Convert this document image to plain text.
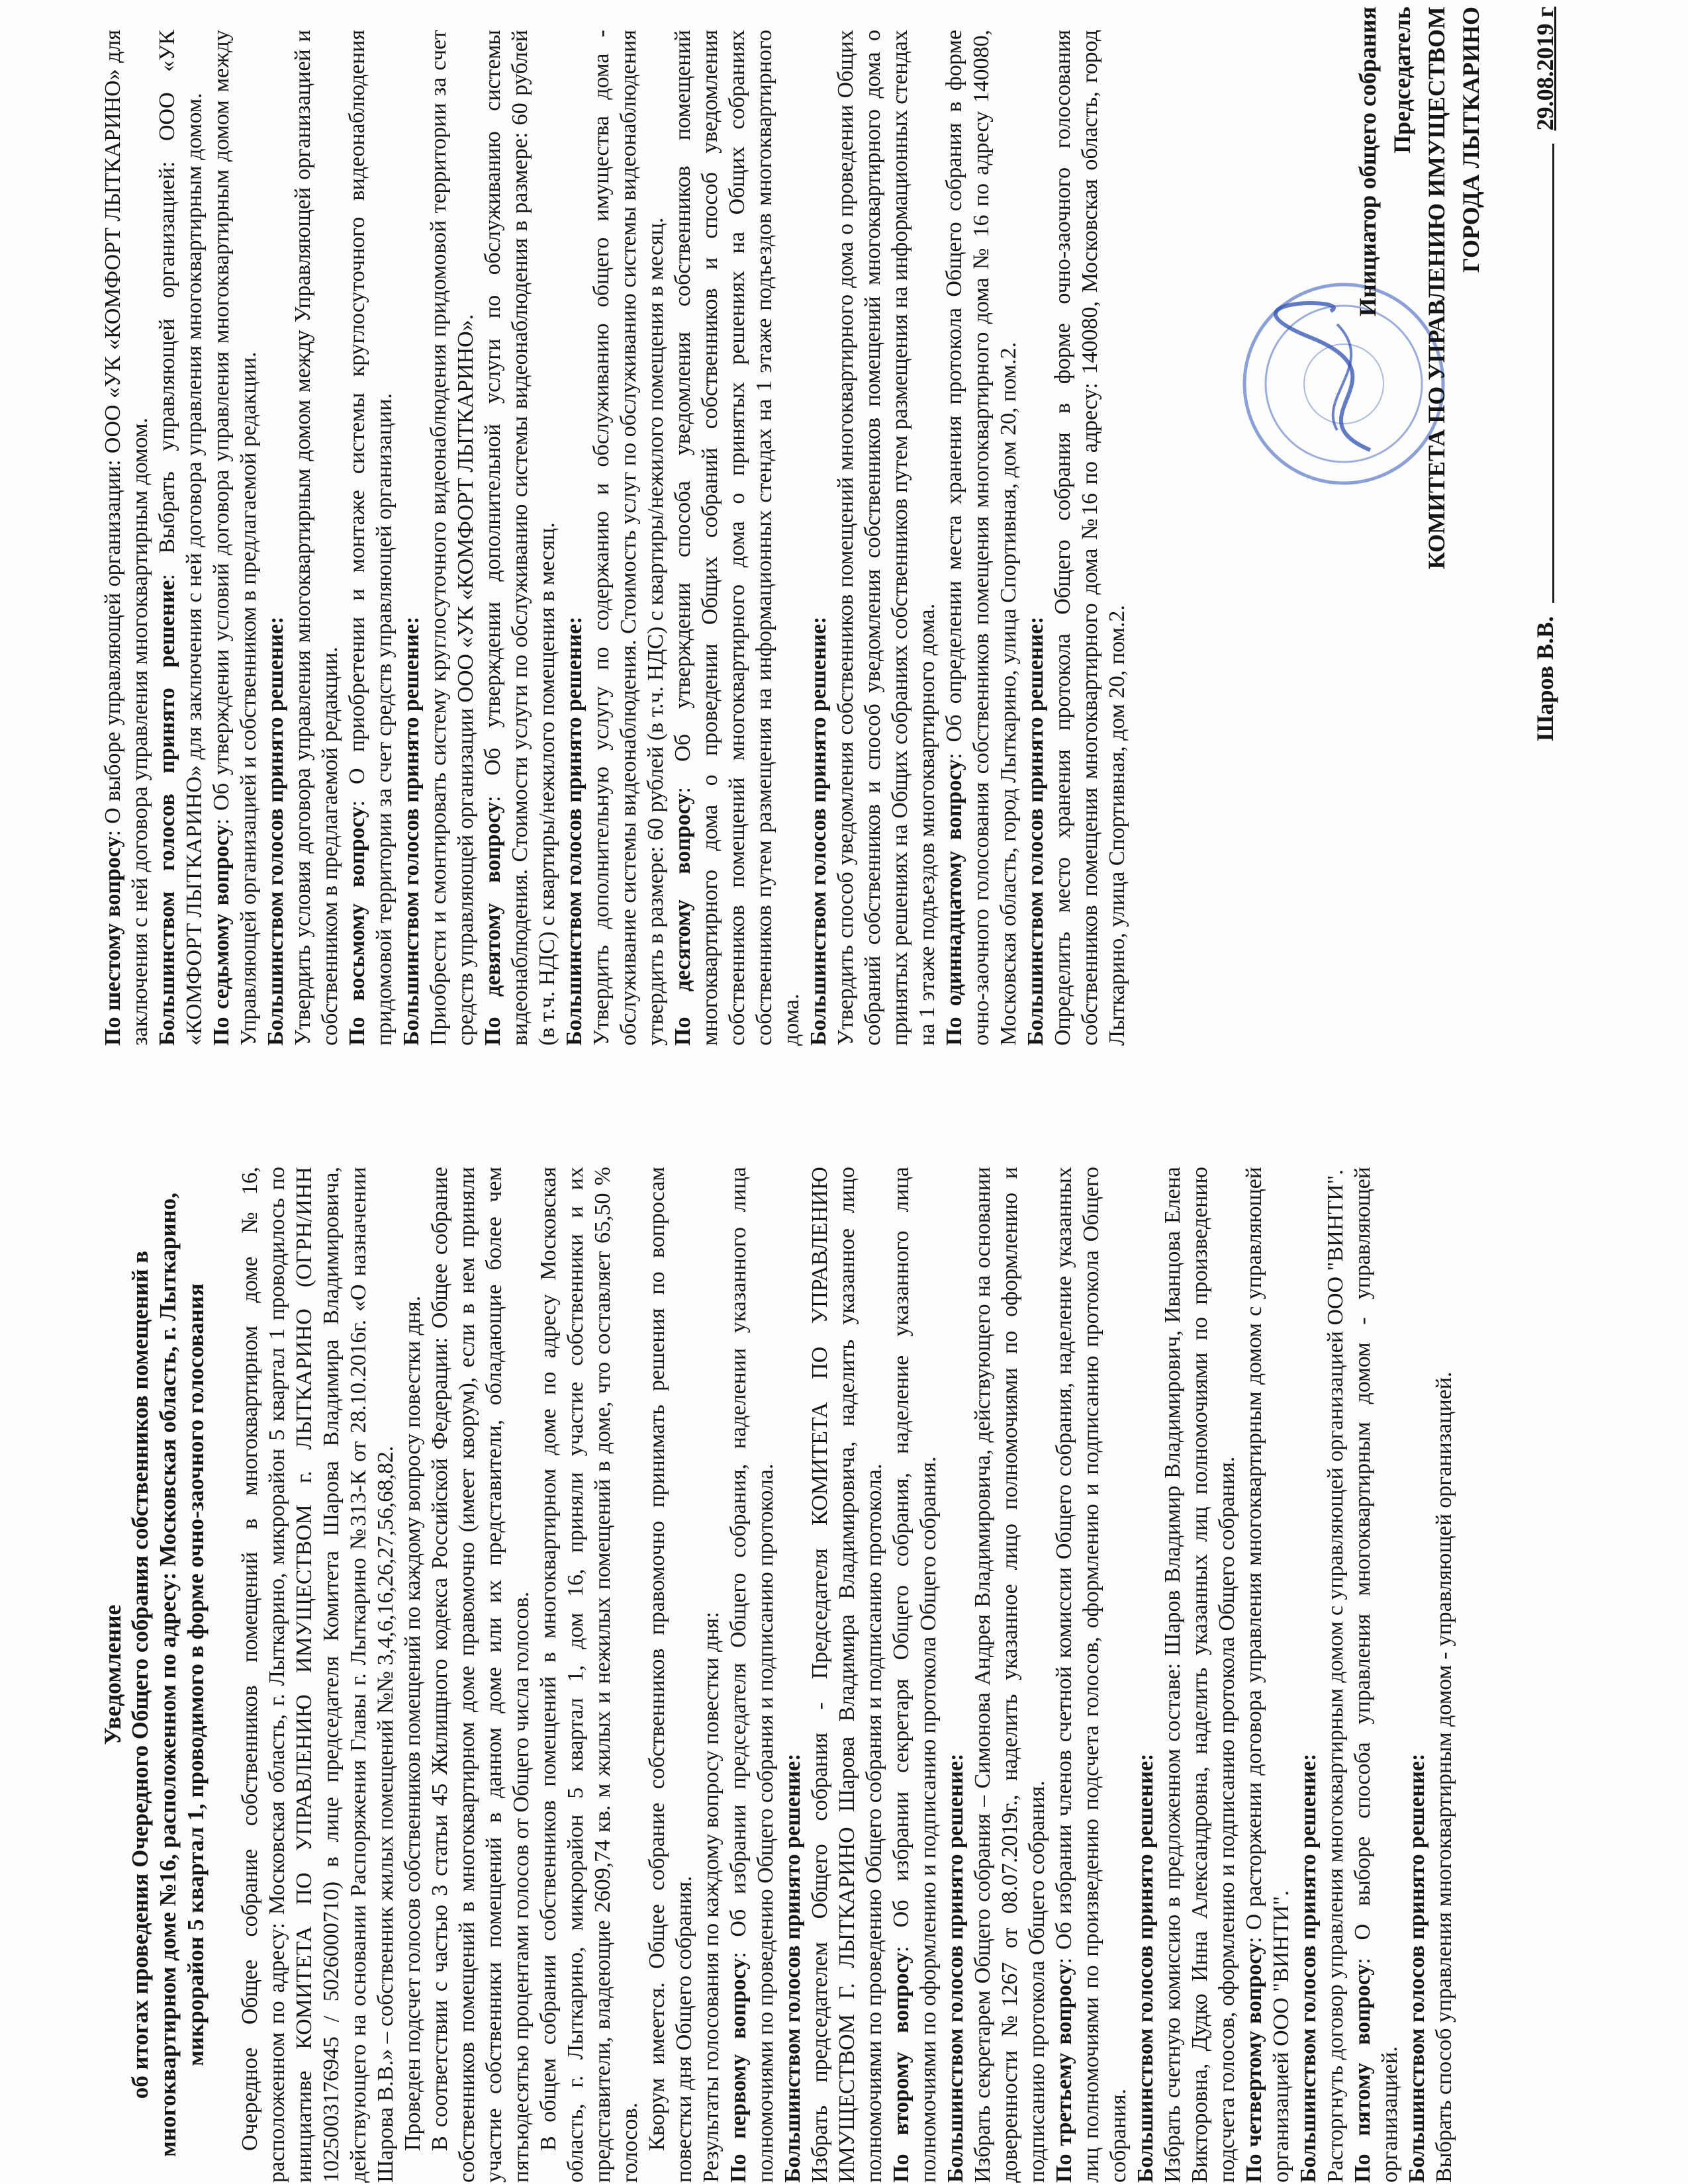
Уведомление об итогах проведения Очередного Общего собрания собственников помещений в многоквартирном доме №16, расположенном по адресу: Московская область, г. Лыткарино, микрорайон 5 квартал 1, проводимого в форме очно-заочного голосования Очередное Общее собрание собственников помещений в многоквартирном доме №16, расположенном по адресу: Московская область, г. Лыткарино, микрорайон 5 квартал 1 проводилось по инициативе КОМИТЕТА ПО УПРАВЛЕНИЮ ИМУЩЕСТВОМ г. ЛЫТКАРИНО (ОГРН/ИНН 1025003176945 / 5026000710) в лице председателя Комитета Шарова Владимира Владимировича, действующего на основании Распоряжения Главы г. Лыткарино №313-К от 28.10.2016г. «О назначении Шарова В.В.» – собственник жилых помещений №№ 3,4,6,16,26,27,56,68,82. Проведен подсчет голосов собственников помещений по каждому вопросу повестки дня. В соответствии с частью 3 статьи 45 Жилищного кодекса Российской Федерации: Общее собрание собственников помещений в многоквартирном доме правомочно (имеет кворум), если в нем приняли участие собственники помещений в данном доме или их представители, обладающие более чем пятьюдесятью процентами голосов от Общего числа голосов. В общем собрании собственников помещений в многоквартирном доме по адресу Московская область, г. Лыткарино, микрорайон 5 квартал 1, дом 16, приняли участие собственники и их представители, владеющие 2609,74 кв. м жилых и нежилых помещений в доме, что составляет 65,50 % голосов. Кворум имеется. Общее собрание собственников правомочно принимать решения по вопросам повестки дня Общего собрания. Результаты голосования по каждому вопросу повестки дня: По первому вопросу: Об избрании председателя Общего собрания, наделении указанного лица полномочиями по проведению Общего собрания и подписанию протокола. Большинством голосов принято решение: Избрать председателем Общего собрания - Председателя КОМИТЕТА ПО УПРАВЛЕНИЮ ИМУЩЕСТВОМ Г. ЛЫТКАРИНО Шарова Владимира Владимировича, наделить указанное лицо полномочиями по проведению Общего собрания и подписанию протокола. По второму вопросу: Об избрании секретаря Общего собрания, наделение указанного лица полномочиями по оформлению и подписанию протокола Общего собрания. Большинством голосов принято решение: Избрать секретарем Общего собрания – Симонова Андрея Владимировича, действующего на основании доверенности №1267 от 08.07.2019г., наделить указанное лицо полномочиями по оформлению и подписанию протокола Общего собрания. По третьему вопросу: Об избрании членов счетной комиссии Общего собрания, наделение указанных лиц полномочиями по произведению подсчета голосов, оформлению и подписанию протокола Общего собрания. Большинством голосов принято решение: Избрать счетную комиссию в предложенном составе: Шаров Владимир Владимирович, Иванцова Елена Викторовна, Дудко Инна Александровна, наделить указанных лиц полномочиями по произведению подсчета голосов, оформлению и подписанию протокола Общего собрания. По четвертому вопросу: О расторжении договора управления многоквартирным домом с управляющей организацией ООО "ВИНТИ". Большинством голосов принято решение: Расторгнуть договор управления многоквартирным домом с управляющей организацией ООО "ВИНТИ". По пятому вопросу: О выборе способа управления многоквартирным домом - управляющей организацией. Большинством голосов принято решение: Выбрать способ управления многоквартирным домом - управляющей организацией.

По шестому вопросу: О выборе управляющей организации: ООО «УК «КОМФОРТ ЛЫТКАРИНО» для заключения с ней договора управления многоквартирным домом. Большинством голосов принято решение: Выбрать управляющей организацией: ООО «УК «КОМФОРТ ЛЫТКАРИНО» для заключения с ней договора управления многоквартирным домом. По седьмому вопросу: Об утверждении условий договора управления многоквартирным домом между Управляющей организацией и собственником в предлагаемой редакции. Большинством голосов принято решение: Утвердить условия договора управления многоквартирным домом между Управляющей организацией и собственником в предлагаемой редакции. По восьмому вопросу: О приобретении и монтаже системы круглосуточного видеонаблюдения придомовой территории за счет средств управляющей организации. Большинством голосов принято решение: Приобрести и смонтировать систему круглосуточного видеонаблюдения придомовой территории за счет средств управляющей организации ООО «УК «КОМФОРТ ЛЫТКАРИНО». По девятому вопросу: Об утверждении дополнительной услуги по обслуживанию системы видеонаблюдения. Стоимости услуги по обслуживанию системы видеонаблюдения в размере: 60 рублей (в т.ч. НДС) с квартиры/нежилого помещения в месяц. Большинством голосов принято решение: Утвердить дополнительную услугу по содержанию и обслуживанию общего имущества дома - обслуживание системы видеонаблюдения. Стоимость услуг по обслуживанию системы видеонаблюдения утвердить в размере: 60 рублей (в т.ч. НДС) с квартиры/нежилого помещения в месяц. По десятому вопросу: Об утверждении способа уведомления собственников помещений многоквартирного дома о проведении Общих собраний собственников и способ уведомления собственников помещений многоквартирного дома о принятых решениях на Общих собраниях собственников путем размещения на информационных стендах на 1 этаже подъездов многоквартирного дома. Большинством голосов принято решение: Утвердить способ уведомления собственников помещений многоквартирного дома о проведении Общих собраний собственников и способ уведомления собственников помещений многоквартирного дома о принятых решениях на Общих собраниях собственников путем размещения на информационных стендах на 1 этаже подъездов многоквартирного дома. По одиннадцатому вопросу: Об определении места хранения протокола Общего собрания в форме очно-заочного голосования собственников помещения многоквартирного дома № 16 по адресу 140080, Московская область, город Лыткарино, улица Спортивная, дом 20, пом.2. Большинством голосов принято решение: Определить место хранения протокола Общего собрания в форме очно-заочного голосования собственников помещения многоквартирного дома №16 по адресу: 140080, Московская область, город Лыткарино, улица Спортивная, дом 20, пом.2.

Инициатор общего собрания Председатель КОМИТЕТА ПО УПРАВЛЕНИЮ ИМУЩЕСТВОМ ГОРОДА ЛЫТКАРИНО
Шаров В.В.
29.08.2019 г
